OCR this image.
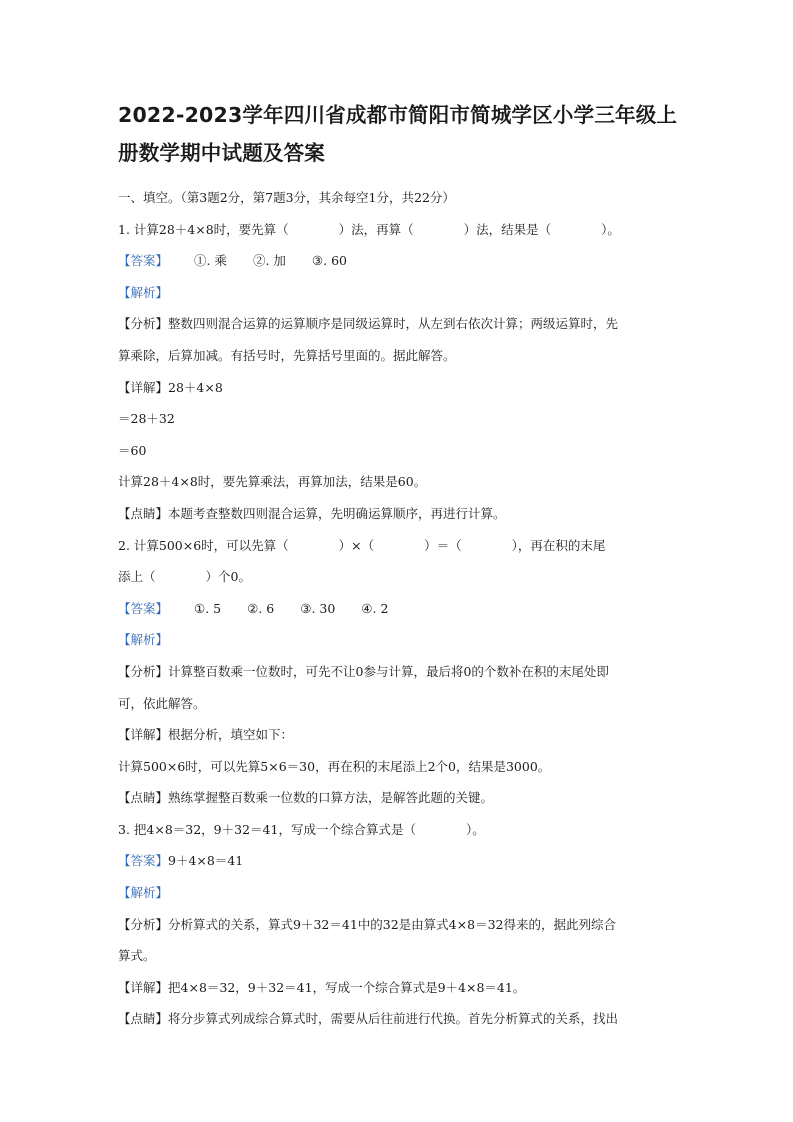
2022-2023学年四川省成都市简阳市简城学区小学三年级上
册数学期中试题及答案
一、填空。（第3题2分，第7题3分，其余每空1分，共22分）
1. 计算28＋4×8时，要先算（　　　　）法，再算（　　　　）法，结果是（　　　　）。
【答案】 ①. 乘 ②. 加 ③. 60
【解析】
【分析】整数四则混合运算的运算顺序是同级运算时，从左到右依次计算；两级运算时，先
算乘除，后算加减。有括号时，先算括号里面的。据此解答。
【详解】28＋4×8
＝28＋32
＝60
计算28＋4×8时，要先算乘法，再算加法，结果是60。
【点睛】本题考查整数四则混合运算，先明确运算顺序，再进行计算。
2. 计算500×6时，可以先算（　　　　）×（　　　　）＝（　　　　），再在积的末尾
添上（　　　　）个0。
【答案】 ①. 5 ②. 6 ③. 30 ④. 2
【解析】
【分析】计算整百数乘一位数时，可先不让0参与计算，最后将0的个数补在积的末尾处即
可，依此解答。
【详解】根据分析，填空如下：
计算500×6时，可以先算5×6＝30，再在积的末尾添上2个0，结果是3000。
【点睛】熟练掌握整百数乘一位数的口算方法，是解答此题的关键。
3. 把4×8＝32，9＋32＝41，写成一个综合算式是（　　　　）。
【答案】9＋4×8＝41
【解析】
【分析】分析算式的关系，算式9＋32＝41中的32是由算式4×8＝32得来的，据此列综合
算式。
【详解】把4×8＝32，9＋32＝41，写成一个综合算式是9＋4×8＝41。
【点睛】将分步算式列成综合算式时，需要从后往前进行代换。首先分析算式的关系，找出
